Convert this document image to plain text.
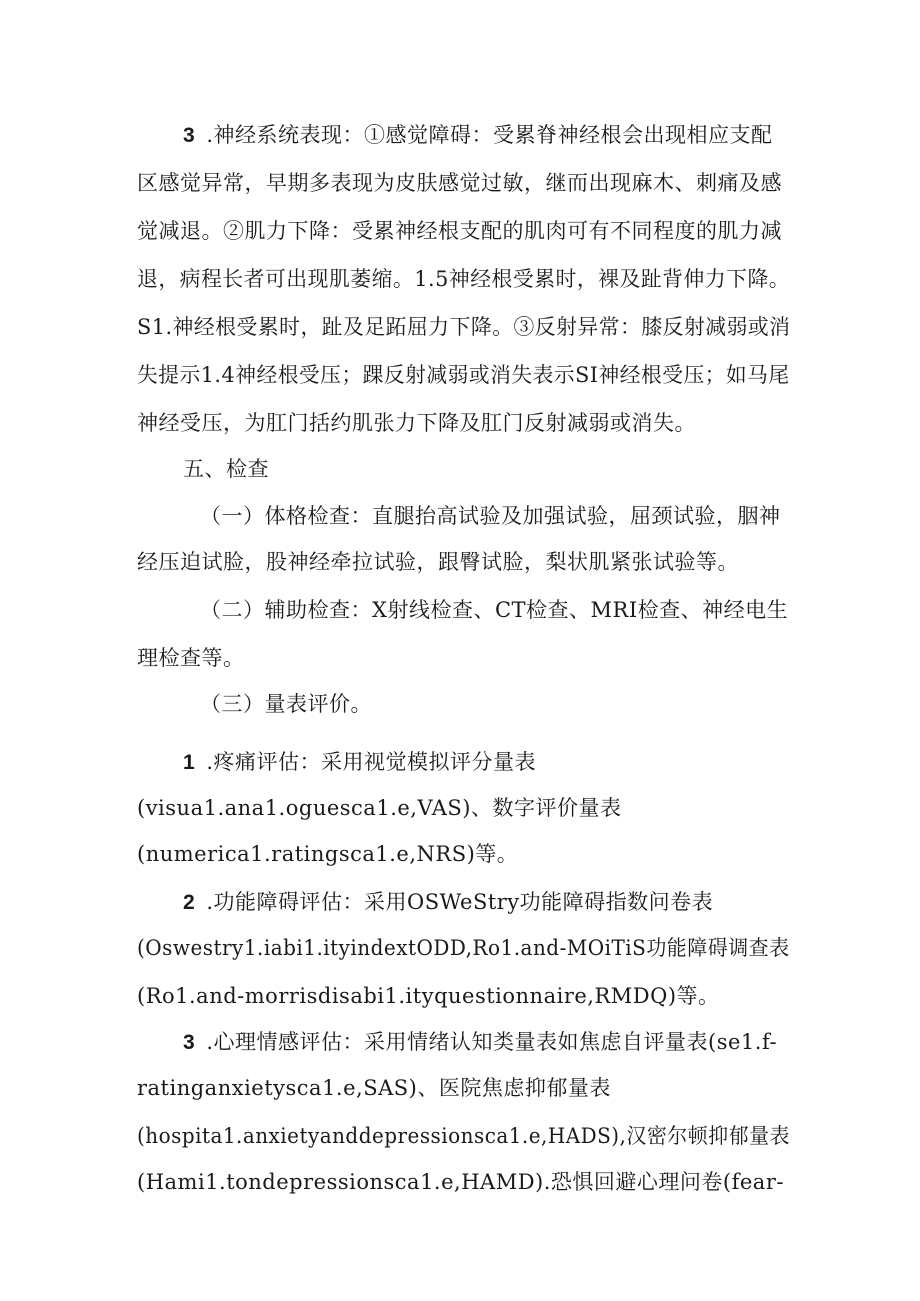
3 .神经系统表现：①感觉障碍：受累脊神经根会出现相应支配
区感觉异常，早期多表现为皮肤感觉过敏，继而出现麻木、刺痛及感
觉减退。②肌力下降：受累神经根支配的肌肉可有不同程度的肌力减
退，病程长者可出现肌萎缩。1.5神经根受累时，裸及趾背伸力下降。
S1.神经根受累时，趾及足跖屈力下降。③反射异常：膝反射减弱或消
失提示1.4神经根受压；踝反射减弱或消失表示SI神经根受压；如马尾
神经受压，为肛门括约肌张力下降及肛门反射减弱或消失。
五、检查
（一）体格检查：直腿抬高试验及加强试验，屈颈试验，胭神
经压迫试脸，股神经牵拉试验，跟臀试脸，梨状肌紧张试验等。
（二）辅助检查：X射线检查、CT检查、MRI检查、神经电生
理检查等。
（三）量表评价。
1 .疼痛评估：采用视觉模拟评分量表
(visua1.ana1.oguesca1.e,VAS)、数字评价量表
(numerica1.ratingsca1.e,NRS)等。
2 .功能障碍评估：采用OSWeStry功能障碍指数问卷表
(Oswestry1.iabi1.ityindextODD,Ro1.and-MOiTiS功能障碍调查表
(Ro1.and-morrisdisabi1.ityquestionnaire,RMDQ)等。
3 .心理情感评估：采用情绪认知类量表如焦虑自评量表(se1.f-
ratinganxietysca1.e,SAS)、医院焦虑抑郁量表
(hospita1.anxietyanddepressionsca1.e,HADS),汉密尔顿抑郁量表
(Hami1.tondepressionsca1.e,HAMD).恐惧回避心理问卷(fear-
